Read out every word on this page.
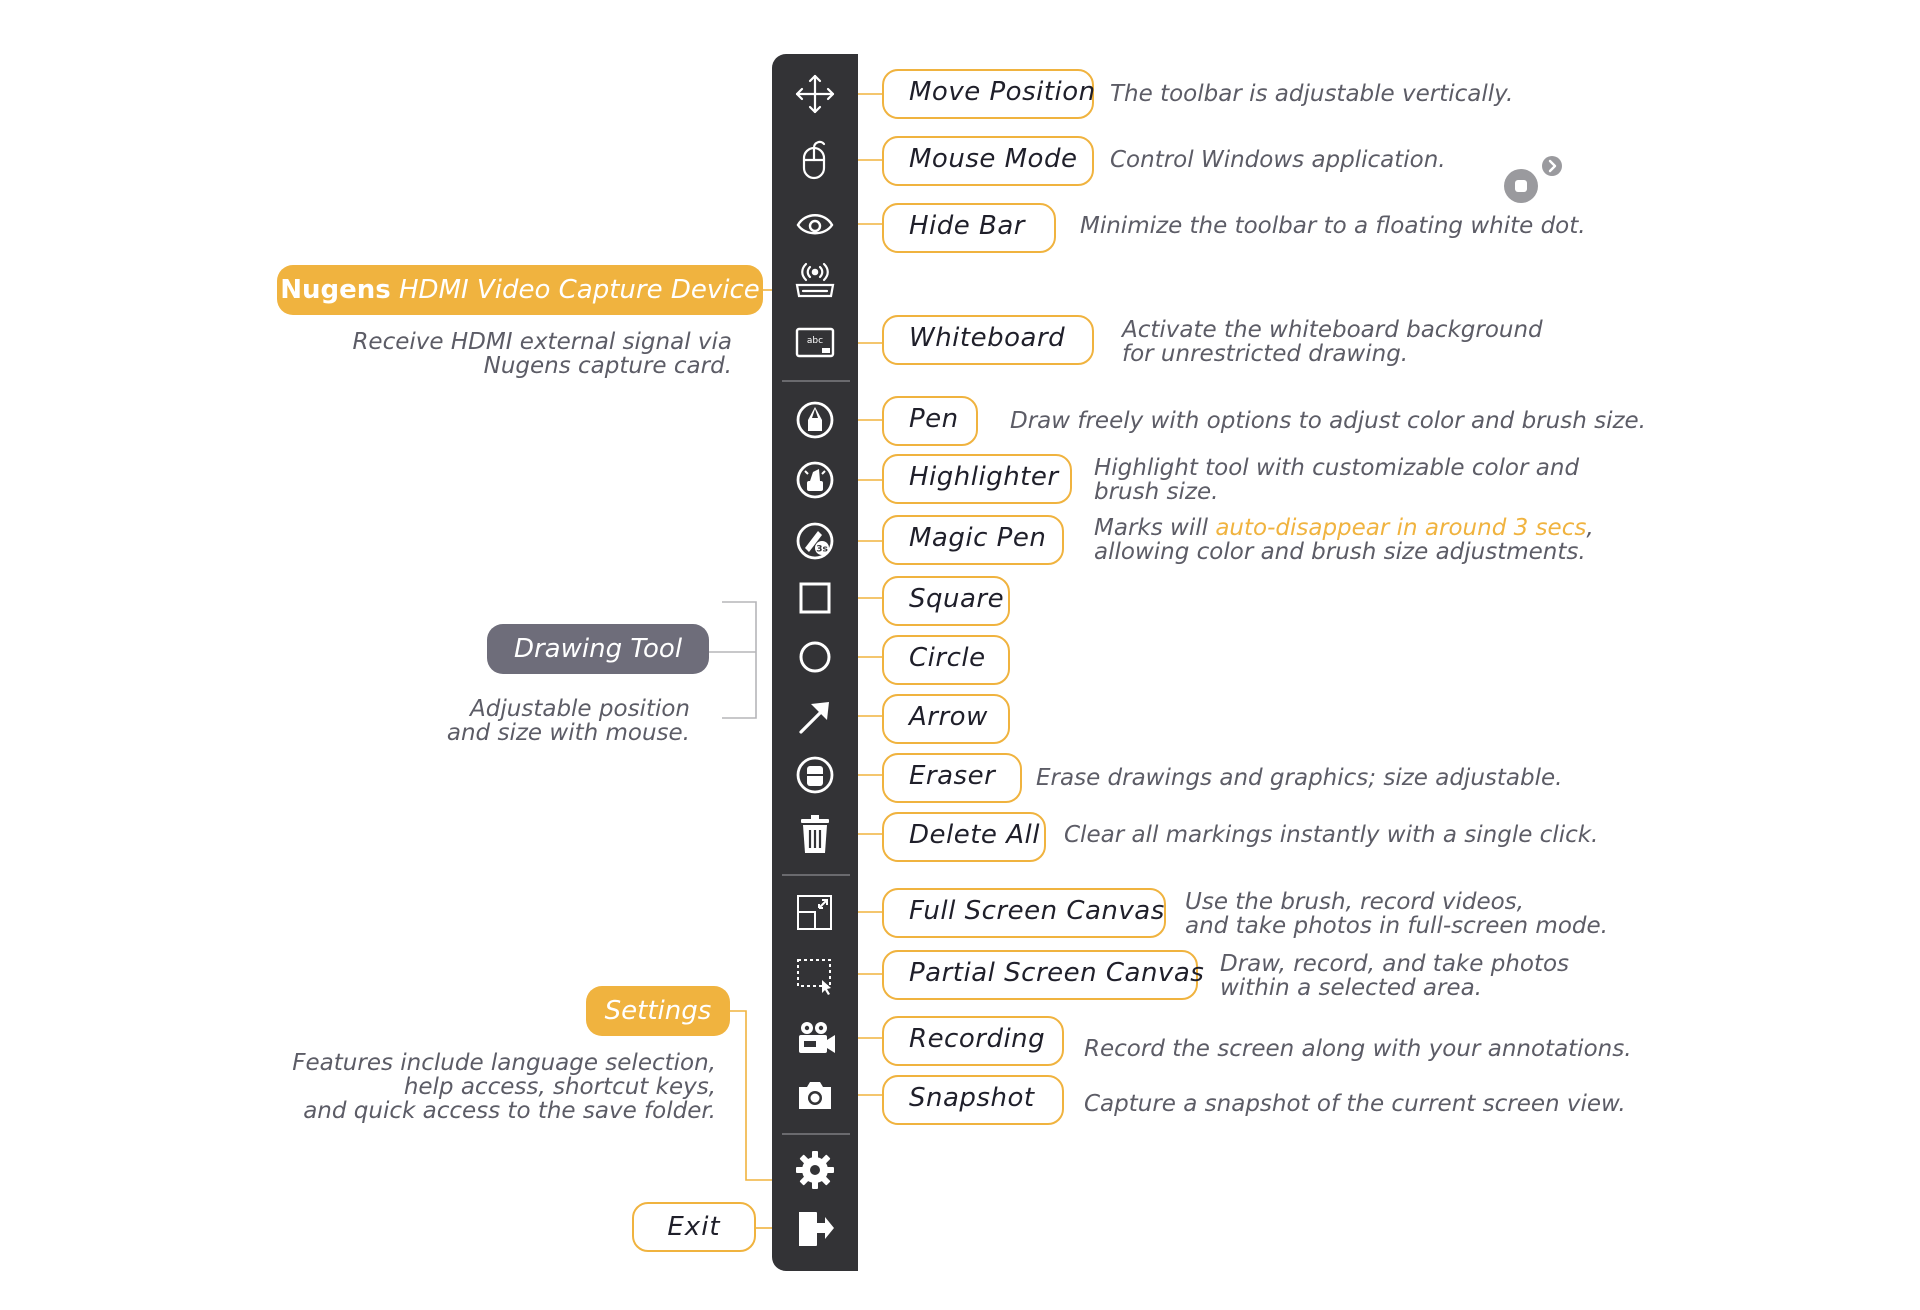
abc
3s
Move Position
Mouse Mode
Hide Bar
Whiteboard
Pen
Highlighter
Magic Pen
Square
Circle
Arrow
Eraser
Delete All
Full Screen Canvas
Partial Screen Canvas
Recording
Snapshot
The toolbar is adjustable vertically.
Control Windows application.
Minimize the toolbar to a floating white dot.
Activate the whiteboard background
for unrestricted drawing.
Draw freely with options to adjust color and brush size.
Highlight tool with customizable color and
brush size.
Marks will auto-disappear in around 3 secs,
allowing color and brush size adjustments.
Erase drawings and graphics; size adjustable.
Clear all markings instantly with a single click.
Use the brush, record videos,
and take photos in full-screen mode.
Draw, record, and take photos
within a selected area.
Record the screen along with your annotations.
Capture a snapshot of the current screen view.
Nugens HDMI Video Capture Device
Receive HDMI external signal via
Nugens capture card.
Drawing Tool
Adjustable position
and size with mouse.
Settings
Features include language selection,
help access, shortcut keys,
and quick access to the save folder.
Exit
